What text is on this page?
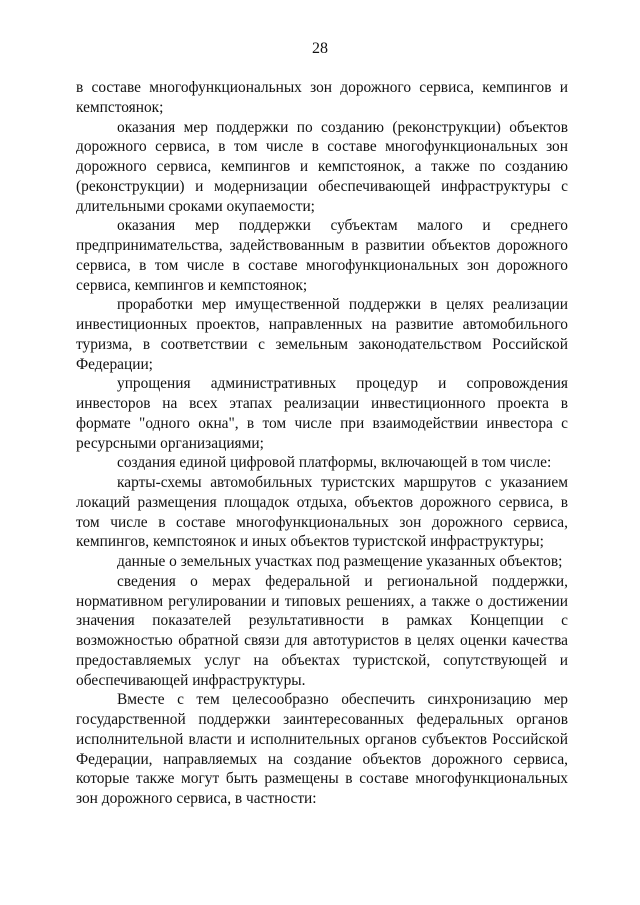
28

в составе многофункциональных зон дорожного сервиса, кемпингов и кемпстоянок;

оказания мер поддержки по созданию (реконструкции) объектов дорожного сервиса, в том числе в составе многофункциональных зон дорожного сервиса, кемпингов и кемпстоянок, а также по созданию (реконструкции) и модернизации обеспечивающей инфраструктуры с длительными сроками окупаемости;

оказания мер поддержки субъектам малого и среднего предпринимательства, задействованным в развитии объектов дорожного сервиса, в том числе в составе многофункциональных зон дорожного сервиса, кемпингов и кемпстоянок;

проработки мер имущественной поддержки в целях реализации инвестиционных проектов, направленных на развитие автомобильного туризма, в соответствии с земельным законодательством Российской Федерации;

упрощения административных процедур и сопровождения инвесторов на всех этапах реализации инвестиционного проекта в формате "одного окна", в том числе при взаимодействии инвестора с ресурсными организациями;

создания единой цифровой платформы, включающей в том числе:

карты-схемы автомобильных туристских маршрутов с указанием локаций размещения площадок отдыха, объектов дорожного сервиса, в том числе в составе многофункциональных зон дорожного сервиса, кемпингов, кемпстоянок и иных объектов туристской инфраструктуры;

данные о земельных участках под размещение указанных объектов;

сведения о мерах федеральной и региональной поддержки, нормативном регулировании и типовых решениях, а также о достижении значения показателей результативности в рамках Концепции с возможностью обратной связи для автотуристов в целях оценки качества предоставляемых услуг на объектах туристской, сопутствующей и обеспечивающей инфраструктуры.

Вместе с тем целесообразно обеспечить синхронизацию мер государственной поддержки заинтересованных федеральных органов исполнительной власти и исполнительных органов субъектов Российской Федерации, направляемых на создание объектов дорожного сервиса, которые также могут быть размещены в составе многофункциональных зон дорожного сервиса, в частности:
